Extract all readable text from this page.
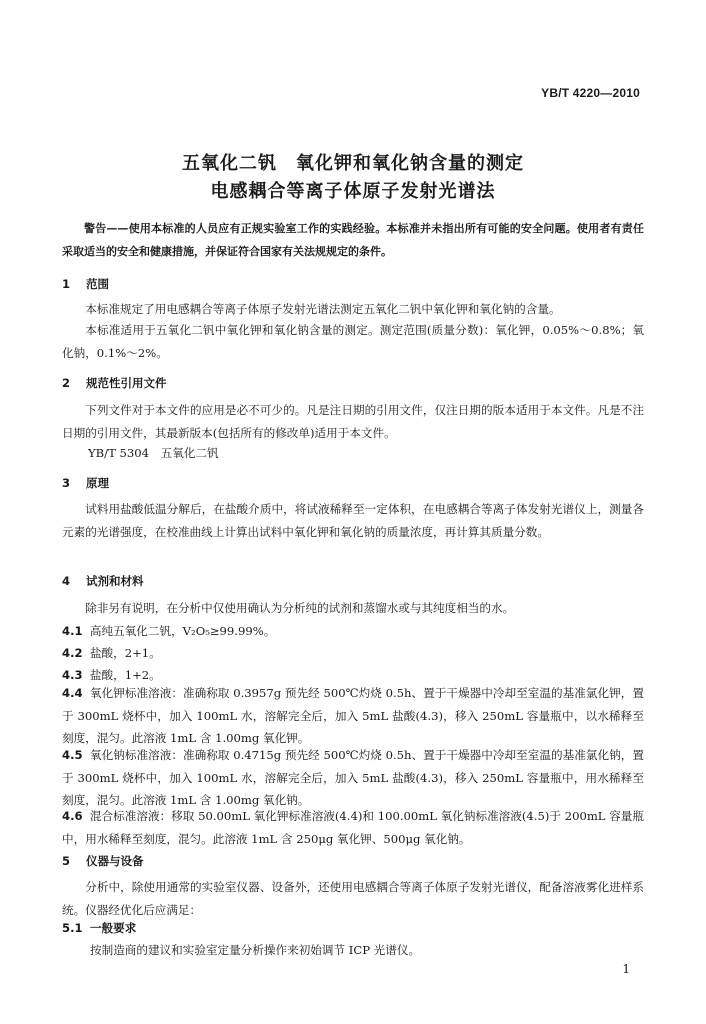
YB/T 4220—2010
五氧化二钒　氧化钾和氧化钠含量的测定
电感耦合等离子体原子发射光谱法
警告——使用本标准的人员应有正规实验室工作的实践经验。本标准并未指出所有可能的安全问题。使用者有责任采取适当的安全和健康措施，并保证符合国家有关法规规定的条件。
1 范围
本标准规定了用电感耦合等离子体原子发射光谱法测定五氧化二钒中氧化钾和氧化钠的含量。
本标准适用于五氧化二钒中氧化钾和氧化钠含量的测定。测定范围(质量分数)：氧化钾，0.05%～0.8%；氧化钠，0.1%～2%。
2 规范性引用文件
下列文件对于本文件的应用是必不可少的。凡是注日期的引用文件，仅注日期的版本适用于本文件。凡是不注日期的引用文件，其最新版本(包括所有的修改单)适用于本文件。
YB/T 5304　五氧化二钒
3 原理
试料用盐酸低温分解后，在盐酸介质中，将试液稀释至一定体积，在电感耦合等离子体发射光谱仪上，测量各元素的光谱强度，在校准曲线上计算出试料中氧化钾和氧化钠的质量浓度，再计算其质量分数。
4 试剂和材料
除非另有说明，在分析中仅使用确认为分析纯的试剂和蒸馏水或与其纯度相当的水。
4.1 高纯五氧化二钒，V₂O₅≥99.99%。
4.2 盐酸，2+1。
4.3 盐酸，1+2。
4.4 氧化钾标准溶液：准确称取 0.3957g 预先经 500℃灼烧 0.5h、置于干燥器中冷却至室温的基准氯化钾，置于 300mL 烧杯中，加入 100mL 水，溶解完全后，加入 5mL 盐酸(4.3)，移入 250mL 容量瓶中，以水稀释至刻度，混匀。此溶液 1mL 含 1.00mg 氧化钾。
4.5 氧化钠标准溶液：准确称取 0.4715g 预先经 500℃灼烧 0.5h、置于干燥器中冷却至室温的基准氯化钠，置于 300mL 烧杯中，加入 100mL 水，溶解完全后，加入 5mL 盐酸(4.3)，移入 250mL 容量瓶中，用水稀释至刻度，混匀。此溶液 1mL 含 1.00mg 氧化钠。
4.6 混合标准溶液：移取 50.00mL 氧化钾标准溶液(4.4)和 100.00mL 氧化钠标准溶液(4.5)于 200mL 容量瓶中，用水稀释至刻度，混匀。此溶液 1mL 含 250μg 氧化钾、500μg 氧化钠。
5 仪器与设备
分析中，除使用通常的实验室仪器、设备外，还使用电感耦合等离子体原子发射光谱仪，配备溶液雾化进样系统。仪器经优化后应满足：
5.1 一般要求
按制造商的建议和实验室定量分析操作来初始调节 ICP 光谱仪。
1
